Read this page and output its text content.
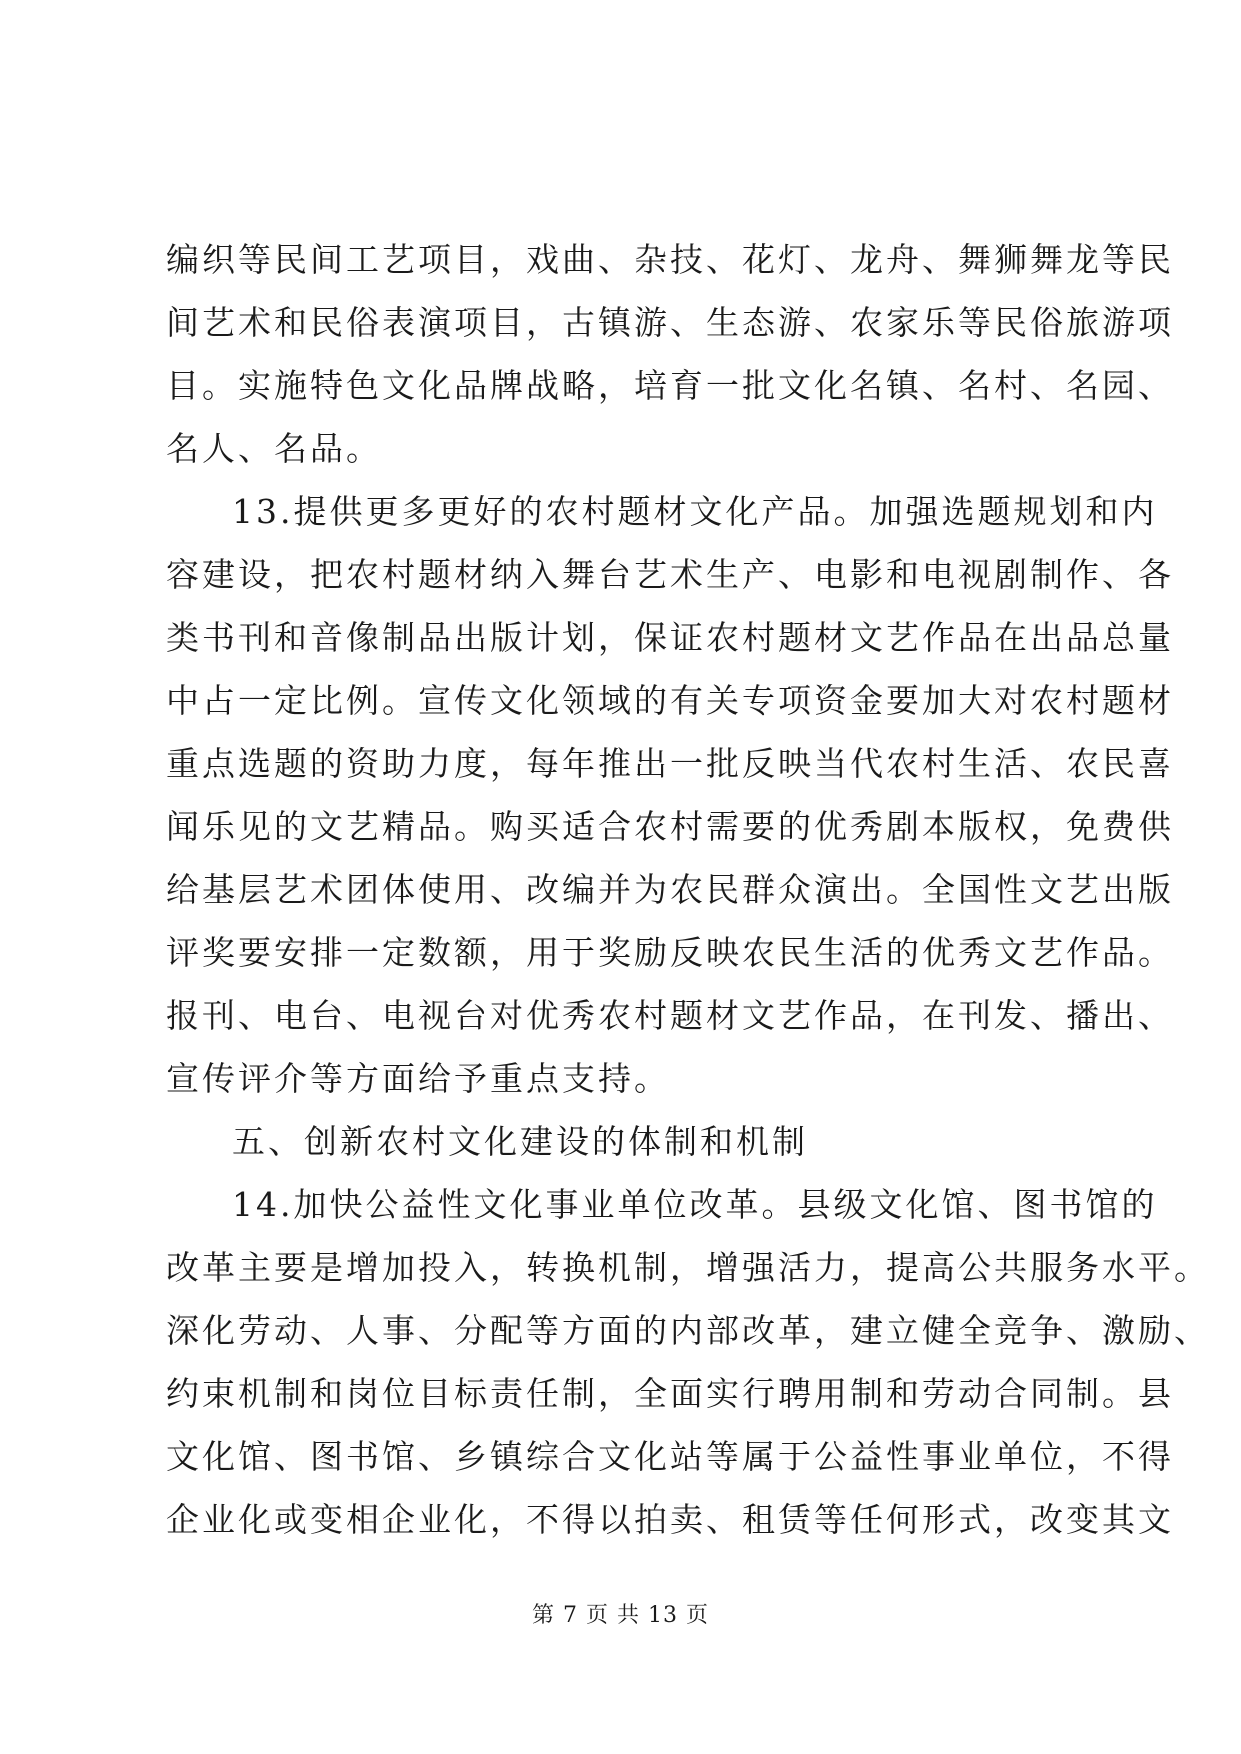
编织等民间工艺项目，戏曲、杂技、花灯、龙舟、舞狮舞龙等民
间艺术和民俗表演项目，古镇游、生态游、农家乐等民俗旅游项
目。实施特色文化品牌战略，培育一批文化名镇、名村、名园、
名人、名品。
13.提供更多更好的农村题材文化产品。加强选题规划和内
容建设，把农村题材纳入舞台艺术生产、电影和电视剧制作、各
类书刊和音像制品出版计划，保证农村题材文艺作品在出品总量
中占一定比例。宣传文化领域的有关专项资金要加大对农村题材
重点选题的资助力度，每年推出一批反映当代农村生活、农民喜
闻乐见的文艺精品。购买适合农村需要的优秀剧本版权，免费供
给基层艺术团体使用、改编并为农民群众演出。全国性文艺出版
评奖要安排一定数额，用于奖励反映农民生活的优秀文艺作品。
报刊、电台、电视台对优秀农村题材文艺作品，在刊发、播出、
宣传评介等方面给予重点支持。
五、创新农村文化建设的体制和机制
14.加快公益性文化事业单位改革。县级文化馆、图书馆的
改革主要是增加投入，转换机制，增强活力，提高公共服务水平。
深化劳动、人事、分配等方面的内部改革，建立健全竞争、激励、
约束机制和岗位目标责任制，全面实行聘用制和劳动合同制。县
文化馆、图书馆、乡镇综合文化站等属于公益性事业单位，不得
企业化或变相企业化，不得以拍卖、租赁等任何形式，改变其文
第 7 页 共 13 页
